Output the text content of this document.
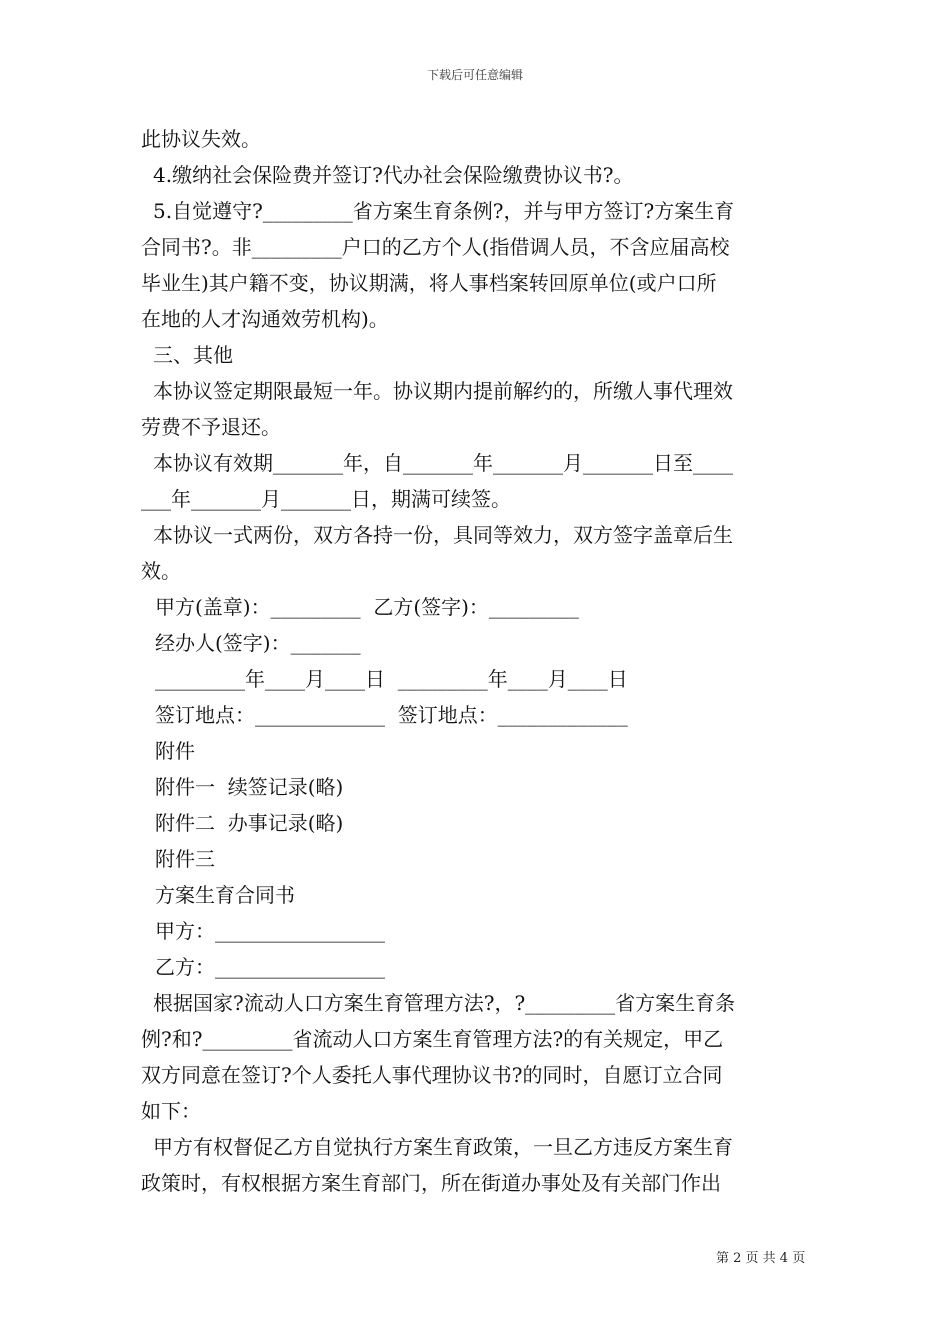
下载后可任意编辑

此协议失效。

4.缴纳社会保险费并签订?代办社会保险缴费协议书?。

5.自觉遵守?_________省方案生育条例?，并与甲方签订?方案生育

合同书?。非_________户口的乙方个人(指借调人员，不含应届高校

毕业生)其户籍不变，协议期满，将人事档案转回原单位(或户口所

在地的人才沟通效劳机构)。

三、其他

本协议签定期限最短一年。协议期内提前解约的，所缴人事代理效

劳费不予退还。

本协议有效期_______年，自_______年_______月_______日至____

___年_______月_______日，期满可续签。

本协议一式两份，双方各持一份，具同等效力，双方签字盖章后生

效。

甲方(盖章)：_________  乙方(签字)：_________

经办人(签字)：_______

_________年____月____日  _________年____月____日

签订地点：_____________  签订地点：_____________

附件

附件一  续签记录(略)

附件二  办事记录(略)

附件三

方案生育合同书

甲方：_________________

乙方：_________________

根据国家?流动人口方案生育管理方法?，?_________省方案生育条

例?和?_________省流动人口方案生育管理方法?的有关规定，甲乙

双方同意在签订?个人委托人事代理协议书?的同时，自愿订立合同

如下：

甲方有权督促乙方自觉执行方案生育政策，一旦乙方违反方案生育

政策时，有权根据方案生育部门，所在街道办事处及有关部门作出

第 2 页 共 4 页
